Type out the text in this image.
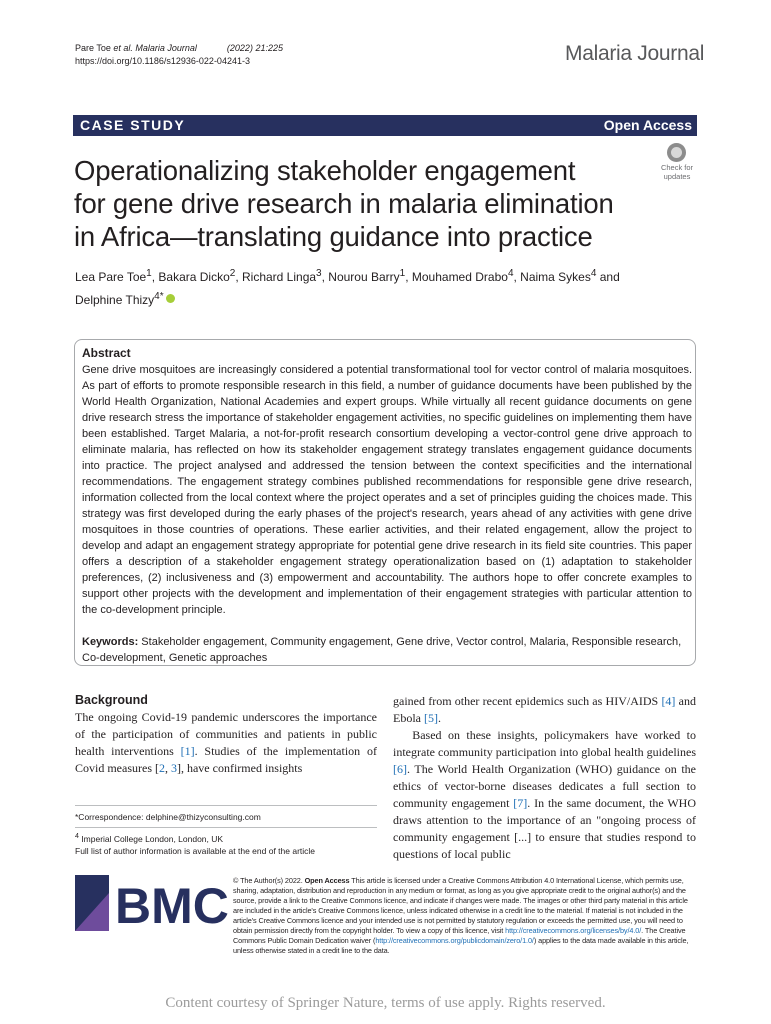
Pare Toe et al. Malaria Journal	(2022) 21:225
https://doi.org/10.1186/s12936-022-04241-3	Malaria Journal
CASE STUDY	Open Access
Check for
updates
Operationalizing stakeholder engagement
for gene drive research in malaria elimination
in Africa—translating guidance into practice
Lea Pare Toe$^1$, Bakara Dicko$^2$, Richard Linga$^3$, Nourou Barry$^1$, Mouhamed Drabo$^4$, Naima Sykes$^4$ and
Delphine Thizy$^{4*}$
Abstract
Gene drive mosquitoes are increasingly considered a potential transformational tool for vector control of malaria mosquitoes. As part of efforts to promote responsible research in this field, a number of guidance documents have been published by the World Health Organization, National Academies and expert groups. While virtually all recent guidance documents on gene drive research stress the importance of stakeholder engagement activities, no specific guidelines on implementing them have been established. Target Malaria, a not-for-profit research consortium developing a vector-control gene drive approach to eliminate malaria, has reflected on how its stakeholder engagement strategy translates engagement guidance documents into practice. The project analysed and addressed the tension between the context specificities and the international recommendations. The engagement strategy combines published recommendations for responsible gene drive research, information collected from the local context where the project operates and a set of principles guiding the choices made. This strategy was first developed during the early phases of the project's research, years ahead of any activities with gene drive mosquitoes in those countries of operations. These earlier activities, and their related engagement, allow the project to develop and adapt an engagement strategy appropriate for potential gene drive research in its field site countries. This paper offers a description of a stakeholder engagement strategy operationalization based on (1) adaptation to stakeholder preferences, (2) inclusiveness and (3) empowerment and accountability. The authors hope to offer concrete examples to support other projects with the development and implementation of their engagement strategies with particular attention to the co-development principle.
Keywords: Stakeholder engagement, Community engagement, Gene drive, Vector control, Malaria, Responsible research, Co-development, Genetic approaches
Background
The ongoing Covid-19 pandemic underscores the importance of the participation of communities and patients in public health interventions [1]. Studies of the implementation of Covid measures [2, 3], have confirmed insights
gained from other recent epidemics such as HIV/AIDS [4] and Ebola [5].
Based on these insights, policymakers have worked to integrate community participation into global health guidelines [6]. The World Health Organization (WHO) guidance on the ethics of vector-borne diseases dedicates a full section to community engagement [7]. In the same document, the WHO draws attention to the importance of an "ongoing process of community engagement [...] to ensure that studies respond to questions of local public
*Correspondence: delphine@thizyconsulting.com
$^4$ Imperial College London, London, UK
Full list of author information is available at the end of the article
BMC © The Author(s) 2022. Open Access This article is licensed under a Creative Commons Attribution 4.0 International License, which permits use, sharing, adaptation, distribution and reproduction in any medium or format, as long as you give appropriate credit to the original author(s) and the source, provide a link to the Creative Commons licence, and indicate if changes were made. The images or other third party material in this article are included in the article's Creative Commons licence, unless indicated otherwise in a credit line to the material. If material is not included in the article's Creative Commons licence and your intended use is not permitted by statutory regulation or exceeds the permitted use, you will need to obtain permission directly from the copyright holder. To view a copy of this licence, visit http://creativecommons.org/licenses/by/4.0/. The Creative Commons Public Domain Dedication waiver (http://creativecommons.org/publicdomain/zero/1.0/) applies to the data made available in this article, unless otherwise stated in a credit line to the data.
Content courtesy of Springer Nature, terms of use apply. Rights reserved.
